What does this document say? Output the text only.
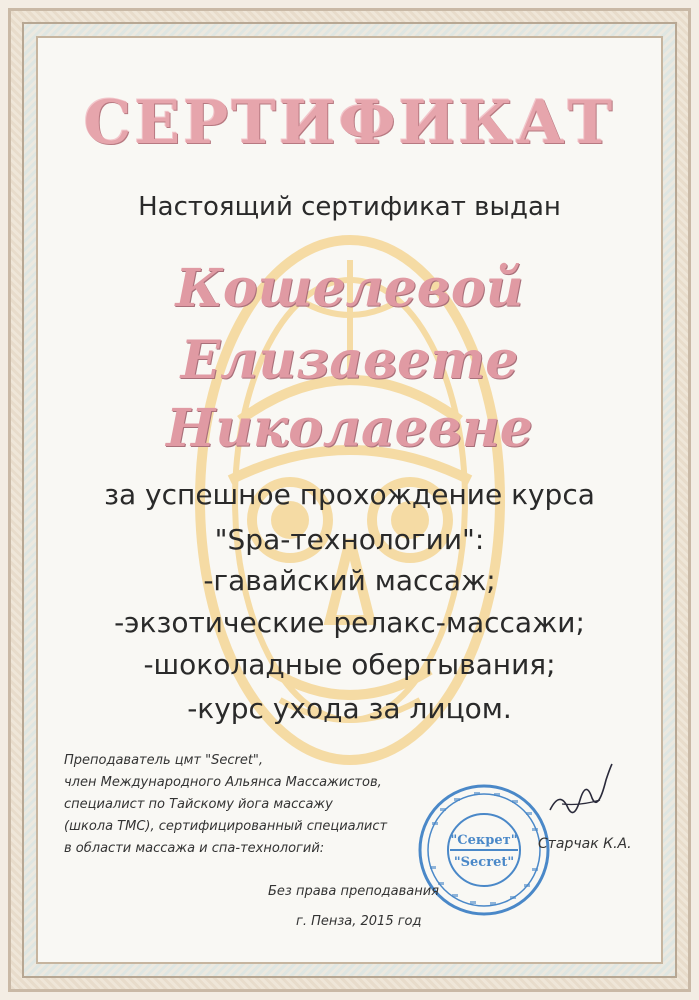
СЕРТИФИКАТ
Настоящий сертификат выдан
Кошелевой
Елизавете
Николаевне
за успешное прохождение курса
"Spa-технологии":
-гавайский массаж;
-экзотические релакс-массажи;
-шоколадные обертывания;
-курс ухода за лицом.
Преподаватель цмт "Secret",
член Международного Альянса Массажистов,
специалист по Тайскому йога массажу
(школа ТМС), сертифицированный специалист
в области массажа и спа-технологий:
"Секрет"
"Secret"
Старчак К.А.
Без права преподавания
г. Пенза, 2015 год
